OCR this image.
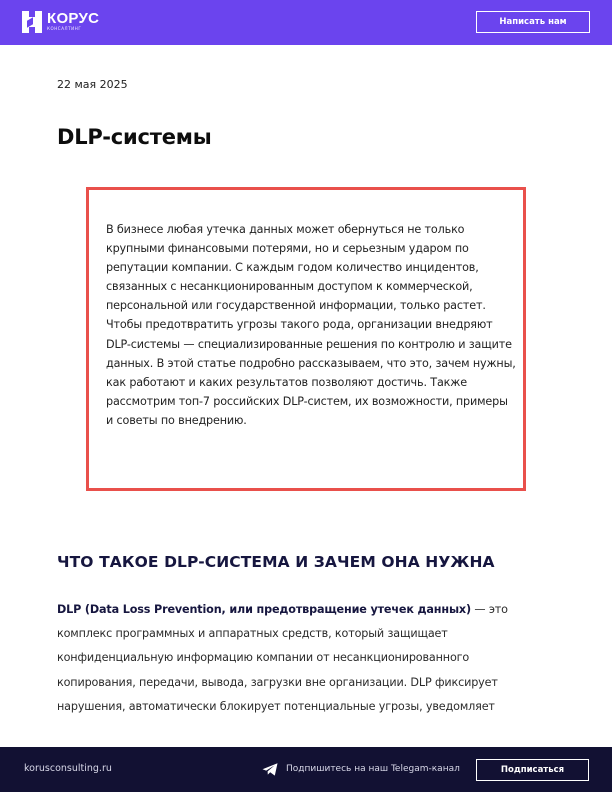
КОРУС
КОНСАЛТИНГ
Написать нам
22 мая 2025
DLP-системы

В бизнесе любая утечка данных может обернуться не только крупными финансовыми потерями, но и серьезным ударом по репутации компании. С каждым годом количество инцидентов, связанных с несанкционированным доступом к коммерческой, персональной или государственной информации, только растет. Чтобы предотвратить угрозы такого рода, организации внедряют DLP-системы — специализированные решения по контролю и защите данных. В этой статье подробно рассказываем, что это, зачем нужны, как работают и каких результатов позволяют достичь. Также рассмотрим топ-7 российских DLP-систем, их возможности, примеры и советы по внедрению.

ЧТО ТАКОЕ DLP-СИСТЕМА И ЗАЧЕМ ОНА НУЖНА

DLP (Data Loss Prevention, или предотвращение утечек данных) — это комплекс программных и аппаратных средств, который защищает конфиденциальную информацию компании от несанкционированного копирования, передачи, вывода, загрузки вне организации. DLP фиксирует нарушения, автоматически блокирует потенциальные угрозы, уведомляет

korusconsulting.ru	Подпишитесь на наш Telegam-канал	Подписаться
